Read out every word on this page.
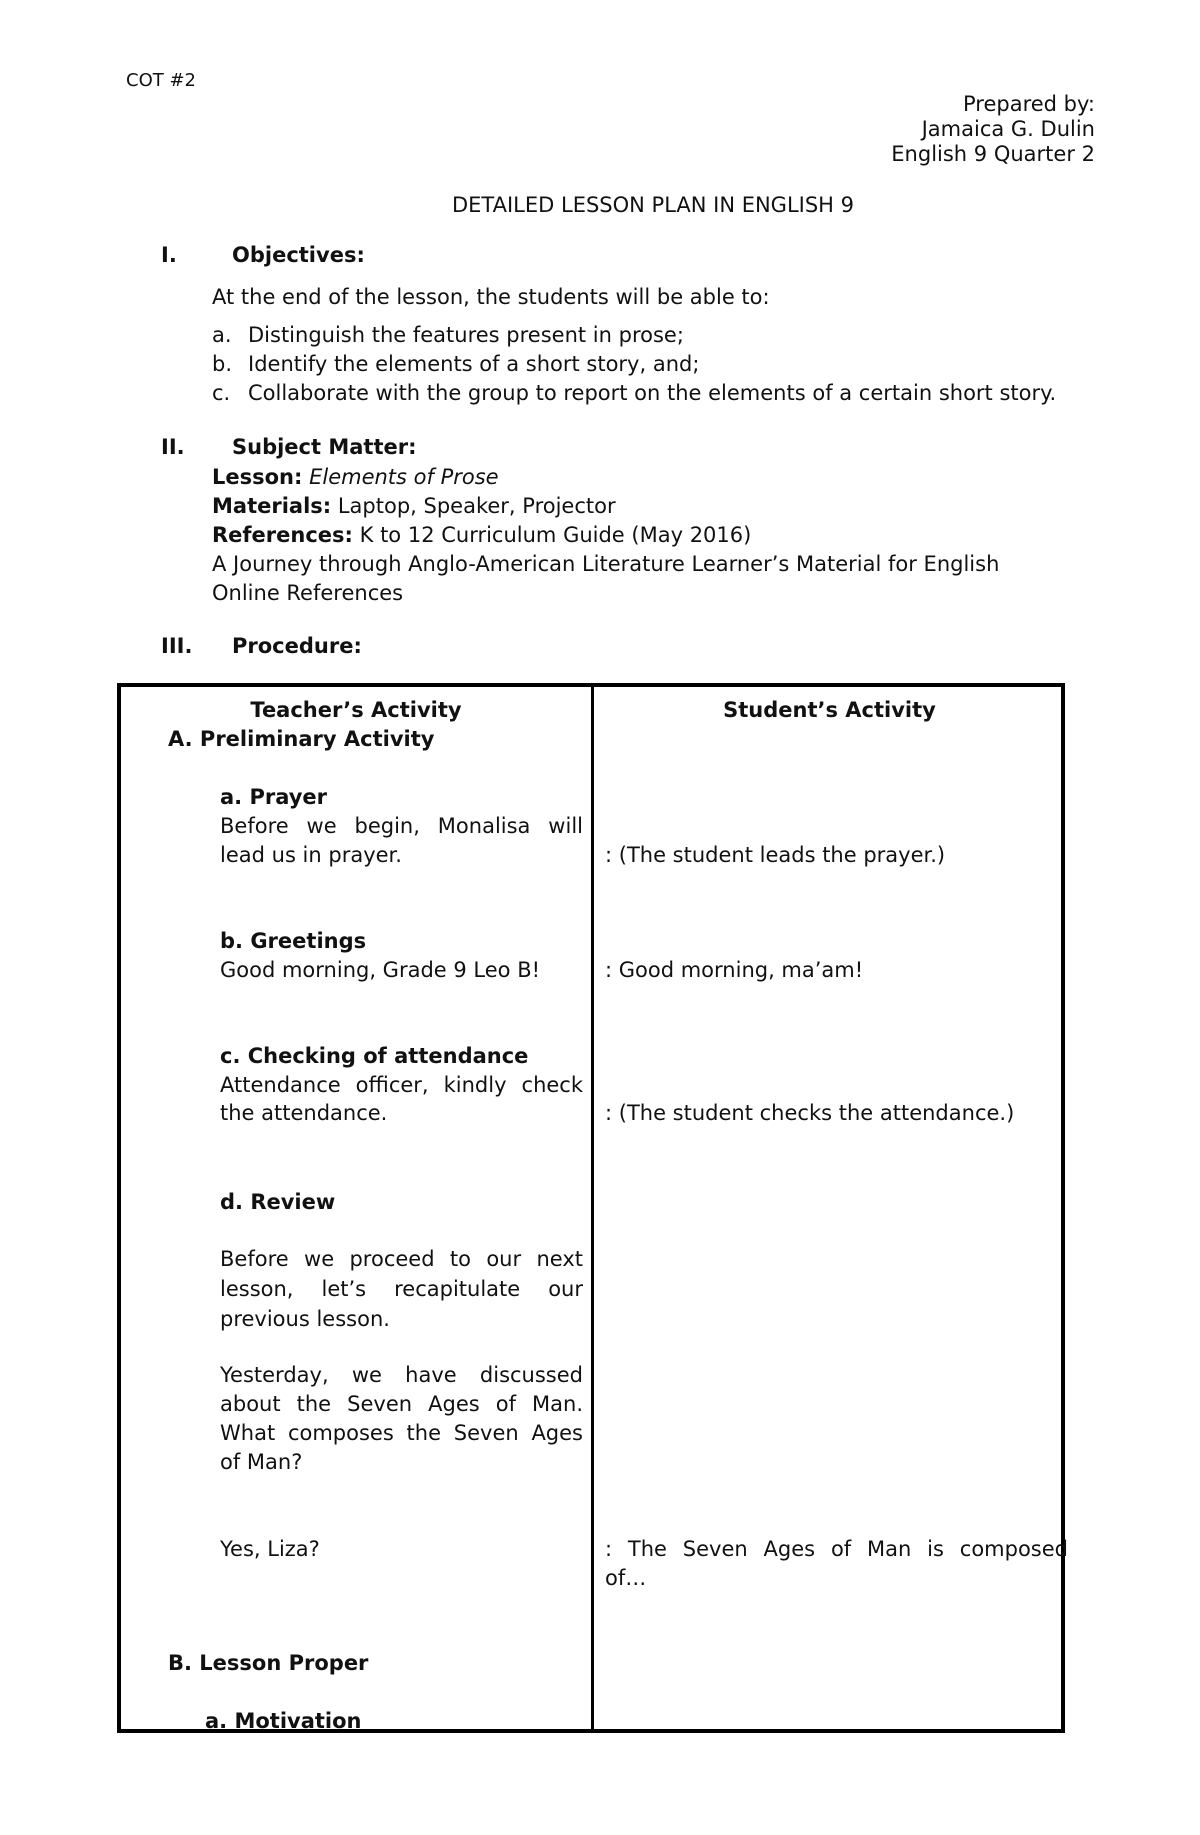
COT #2
Prepared by:
Jamaica G. Dulin
English 9 Quarter 2
DETAILED LESSON PLAN IN ENGLISH 9
I.	Objectives:
At the end of the lesson, the students will be able to:
a. Distinguish the features present in prose;
b. Identify the elements of a short story, and;
c. Collaborate with the group to report on the elements of a certain short story.
II. Subject Matter:
Lesson: Elements of Prose
Materials: Laptop, Speaker, Projector
References: K to 12 Curriculum Guide (May 2016)
A Journey through Anglo-American Literature Learner’s Material for English
Online References
III. Procedure:
Teacher’s Activity	Student’s Activity
A. Preliminary Activity
a. Prayer
Before we begin, Monalisa will
lead us in prayer.	: (The student leads the prayer.)
b. Greetings
Good morning, Grade 9 Leo B!	: Good morning, ma’am!
c. Checking of attendance
Attendance officer, kindly check
the attendance.	: (The student checks the attendance.)
d. Review
Before we proceed to our next
lesson, let’s recapitulate our
previous lesson.
Yesterday, we have discussed
about the Seven Ages of Man.
What composes the Seven Ages
of Man?
Yes, Liza?	: The Seven Ages of Man is composed
of…
B. Lesson Proper
a. Motivation
